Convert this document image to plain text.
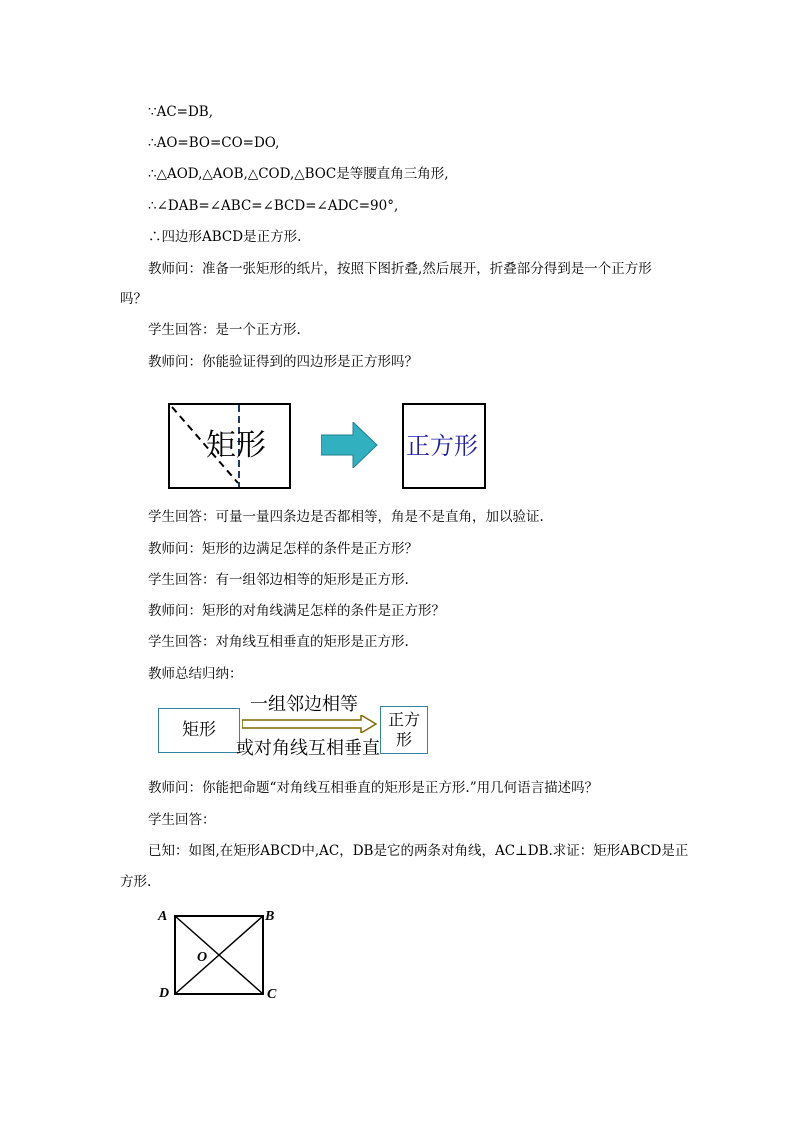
∵AC=DB,
∴AO=BO=CO=DO,
∴△AOD,△AOB,△COD,△BOC是等腰直角三角形,
∴∠DAB=∠ABC=∠BCD=∠ADC=90°,
∴四边形ABCD是正方形.
教师问：准备一张矩形的纸片，按照下图折叠,然后展开，折叠部分得到是一个正方形
吗？
学生回答：是一个正方形.
教师问：你能验证得到的四边形是正方形吗？
矩形	正方形
学生回答：可量一量四条边是否都相等，角是不是直角，加以验证.
教师问：矩形的边满足怎样的条件是正方形？
学生回答：有一组邻边相等的矩形是正方形.
教师问：矩形的对角线满足怎样的条件是正方形？
学生回答：对角线互相垂直的矩形是正方形.
教师总结归纳：
矩形
一组邻边相等
或对角线互相垂直
正方
形
教师问：你能把命题“对角线互相垂直的矩形是正方形.”用几何语言描述吗？
学生回答：
已知：如图,在矩形ABCD中,AC，DB是它的两条对角线，AC⊥DB.求证：矩形ABCD是正
方形.
A	B
C
D
O
